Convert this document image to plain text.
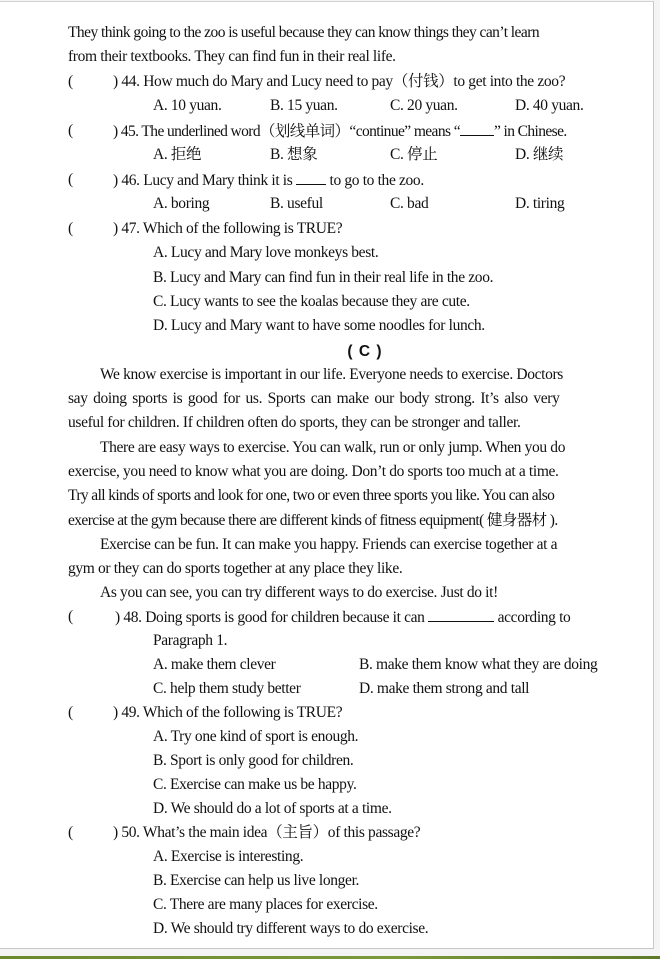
They think going to the zoo is useful because they can know things they can’t learn
from their textbooks. They can find fun in their real life.
(	) 44. How much do Mary and Lucy need to pay（付钱）to get into the zoo?
A. 10 yuan.	B. 15 yuan.	C. 20 yuan.	D. 40 yuan.
(	) 45. The underlined word（划线单词）“continue” means “ ” in Chinese.
A. 拒绝	B. 想象	C. 停止	D. 继续
(	) 46. Lucy and Mary think it is  to go to the zoo.
A. boring	B. useful	C. bad	D. tiring
(	) 47. Which of the following is TRUE?
A. Lucy and Mary love monkeys best.
B. Lucy and Mary can find fun in their real life in the zoo.
C. Lucy wants to see the koalas because they are cute.
D. Lucy and Mary want to have some noodles for lunch.
( C )
We know exercise is important in our life. Everyone needs to exercise. Doctors
say doing sports is good for us. Sports can make our body strong. It’s also very
useful for children. If children often do sports, they can be stronger and taller.
There are easy ways to exercise. You can walk, run or only jump. When you do
exercise, you need to know what you are doing. Don’t do sports too much at a time.
Try all kinds of sports and look for one, two or even three sports you like. You can also
exercise at the gym because there are different kinds of fitness equipment( 健身器材 ).
Exercise can be fun. It can make you happy. Friends can exercise together at a
gym or they can do sports together at any place they like.
As you can see, you can try different ways to do exercise. Just do it!
(	) 48. Doing sports is good for children because it can	according to
Paragraph 1.
A. make them clever	B. make them know what they are doing
C. help them study better	D. make them strong and tall
(	) 49. Which of the following is TRUE?
A. Try one kind of sport is enough.
B. Sport is only good for children.
C. Exercise can make us be happy.
D. We should do a lot of sports at a time.
(	) 50. What’s the main idea（主旨）of this passage?
A. Exercise is interesting.
B. Exercise can help us live longer.
C. There are many places for exercise.
D. We should try different ways to do exercise.
